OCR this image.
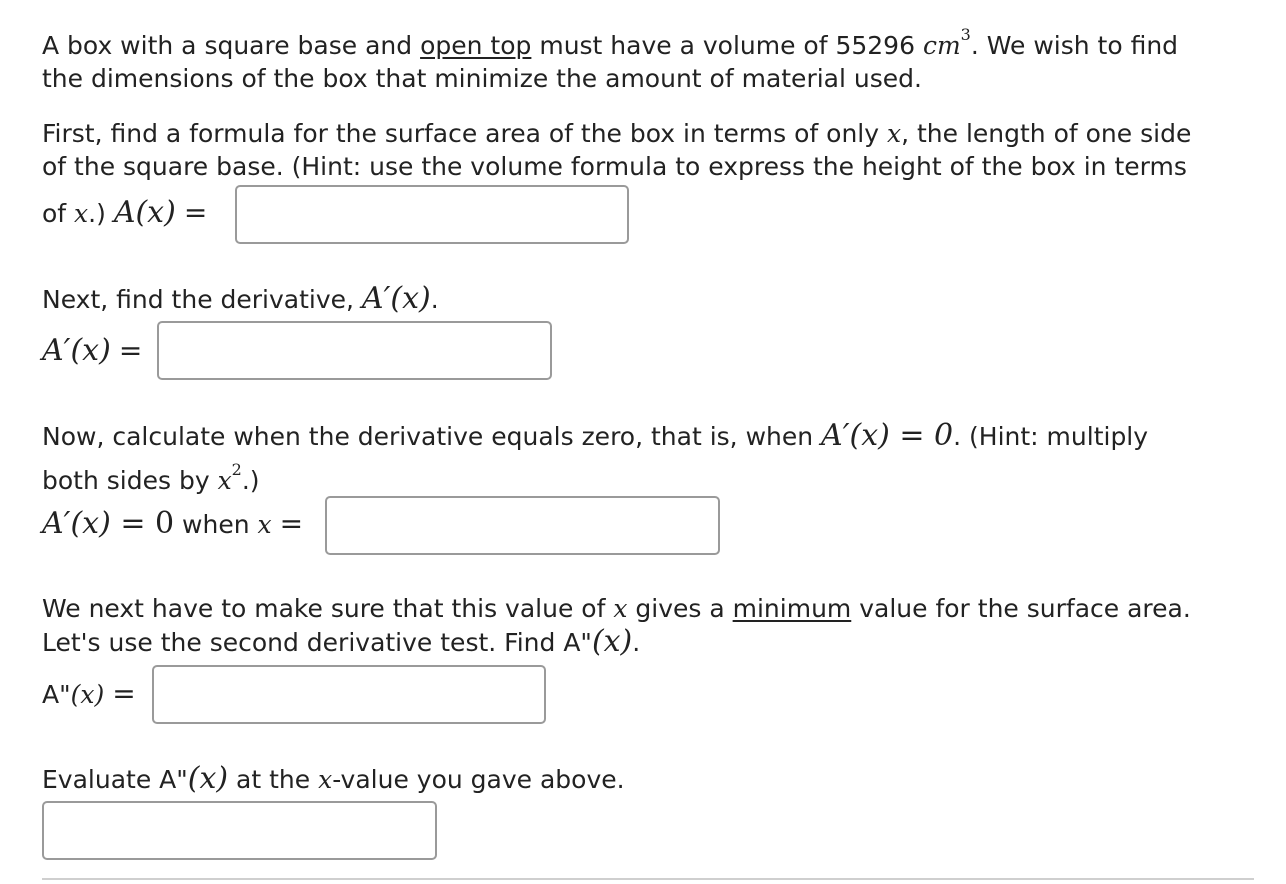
A box with a square base and open top must have a volume of 55296 $cm^3$. We wish to find
the dimensions of the box that minimize the amount of material used.
First, find a formula for the surface area of the box in terms of only x, the length of one side
of the square base. (Hint: use the volume formula to express the height of the box in terms
of x.) A(x) =
Next, find the derivative, A′(x).
A′(x) =
Now, calculate when the derivative equals zero, that is, when A′(x) = 0. (Hint: multiply
both sides by $x^2$.)
A′(x) = 0 when x =
We next have to make sure that this value of x gives a minimum value for the surface area.
Let's use the second derivative test. Find A"(x).
A"(x) =
Evaluate A"(x) at the x-value you gave above.
